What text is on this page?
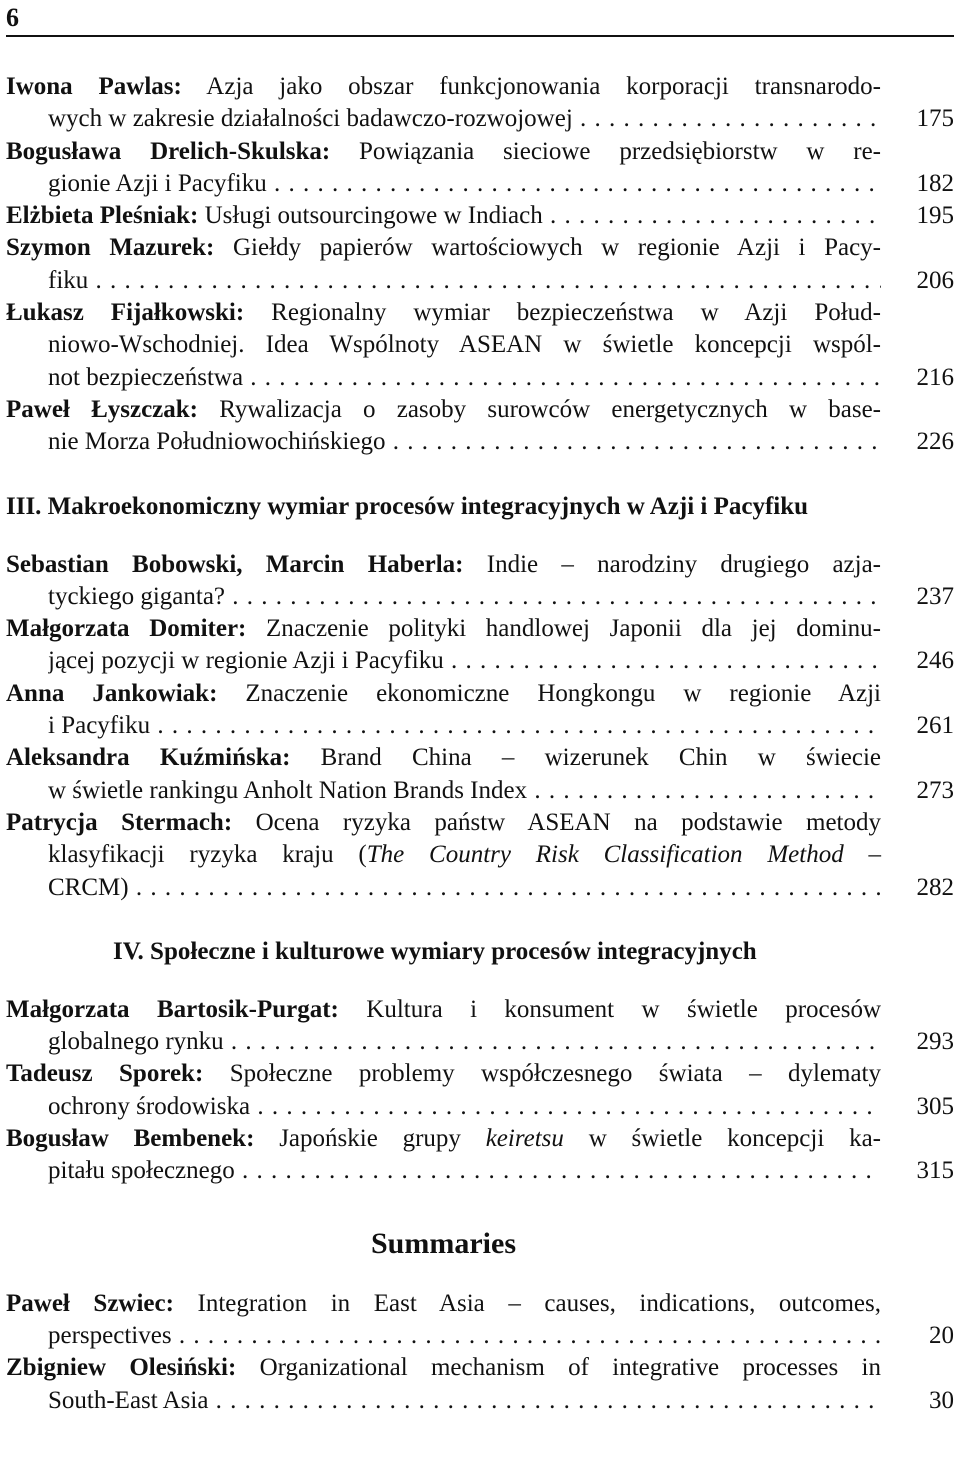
6
Iwona Pawlas: Azja jako obszar funkcjonowania korporacji transnarodo-
wych w zakresie działalności badawczo-rozwojowej . . .	175
Bogusława Drelich-Skulska: Powiązania sieciowe przedsiębiorstw w re-
gionie Azji i Pacyfiku . . .	182
Elżbieta Pleśniak: Usługi outsourcingowe w Indiach . . .	195
Szymon Mazurek: Giełdy papierów wartościowych w regionie Azji i Pacy-
fiku . . .	206
Łukasz Fijałkowski: Regionalny wymiar bezpieczeństwa w Azji Połud-
niowo-Wschodniej. Idea Wspólnoty ASEAN w świetle koncepcji wspól-
not bezpieczeństwa . . .	216
Paweł Łyszczak: Rywalizacja o zasoby surowców energetycznych w base-
nie Morza Południowochińskiego . . .	226
III. Makroekonomiczny wymiar procesów integracyjnych w Azji i Pacyfiku
Sebastian Bobowski, Marcin Haberla: Indie – narodziny drugiego azja-
tyckiego giganta? . . .	237
Małgorzata Domiter: Znaczenie polityki handlowej Japonii dla jej dominu-
jącej pozycji w regionie Azji i Pacyfiku . . .	246
Anna Jankowiak: Znaczenie ekonomiczne Hongkongu w regionie Azji
i Pacyfiku . . .	261
Aleksandra Kuźmińska: Brand China – wizerunek Chin w świecie
w świetle rankingu Anholt Nation Brands Index . . .	273
Patrycja Stermach: Ocena ryzyka państw ASEAN na podstawie metody
klasyfikacji ryzyka kraju (The Country Risk Classification Method –
CRCM) . . .	282
IV. Społeczne i kulturowe wymiary procesów integracyjnych
Małgorzata Bartosik-Purgat: Kultura i konsument w świetle procesów
globalnego rynku . . .	293
Tadeusz Sporek: Społeczne problemy współczesnego świata – dylematy
ochrony środowiska . . .	305
Bogusław Bembenek: Japońskie grupy keiretsu w świetle koncepcji ka-
pitału społecznego . . .	315
Summaries
Paweł Szwiec: Integration in East Asia – causes, indications, outcomes,
perspectives . . .	20
Zbigniew Olesiński: Organizational mechanism of integrative processes in
South-East Asia . . .	30
